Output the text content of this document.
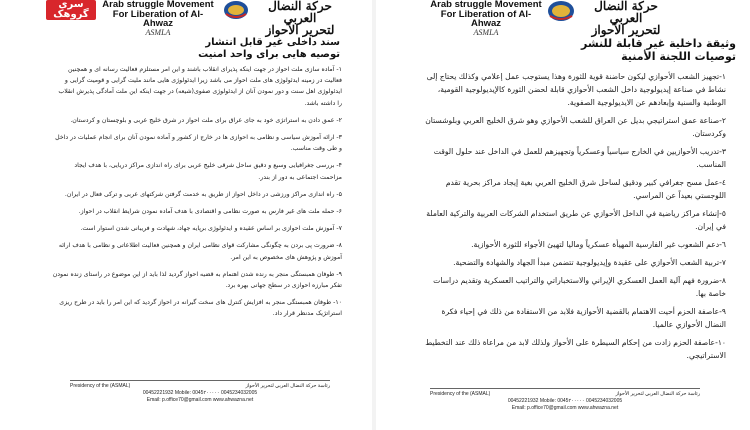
سری گروهک
Arab struggle Movement
For Liberation of Al-Ahwaz
ASMLA
حركة النضال العربي
لتحرير الأحواز
سند داخلی غیر قابل انتشار
توصیه هایی برای واحد امنیت

۱- آماده سازی ملت احواز در جهت اینکه پذیرای انقلاب باشند و این امر مستلزم فعالیت رسانه ای و همچنین فعالیت در زمینه ایدئولوژی های ملت احواز می باشد زیرا ایدئولوژی هایی مانند ملیت گرایی و قومیت گرایی و ایدئولوژی اهل سنت و دور نمودن آنان از ایدئولوژی صفوی(شیعه) در جهت اینکه این ملت آمادگی پذیرش انقلاب را داشته باشد.

۲- عمق دادن به استراتژی خود به جای عراق برای ملت احواز در شرق خلیج عربی و بلوچستان و کردستان.

۳- ارائه آموزش سیاسی و نظامی به احوازی ها در خارج از کشور و آماده نمودن آنان برای انجام عملیات در داخل و طی وقت مناسب.

۴- بررسی جغرافیایی وسیع و دقیق ساحل شرقی خلیج عربی برای راه اندازی مراکز دریایی، با هدف ایجاد مزاحمت اجتماعی به دور از بندر.

۵- راه اندازی مراکز ورزشی در داخل احواز از طریق به خدمت گرفتن شرکتهای عربی و ترکی فعال در ایران.

۶- حمله ملت های غیر فارس به صورت نظامی و اقتصادی با هدف آماده نمودن شرایط انقلاب در احواز.

۷- آموزش ملت احوازی بر اساس عقیده و ایدئولوژی برپایه جهاد، شهادت و فریبانی شدن استوار است.

۸- ضرورت پی بردن به چگونگی مشارکت قوای نظامی ایران و همچنین فعالیت اطلاعاتی و نظامی با هدف ارائه آموزش و پژوهش های مخصوص به این امر.

۹- طوفان همبستگی منجر به رنده شدن اهتمام به قضیه احواز گردید لذا باید از این موضوع در راستای زنده نمودن تفکر مبارزه احوازی در سطح جهانی بهره برد.

۱۰- طوفان همبستگی منجر به افزایش کنترل های سخت گیرانه در احواز گردید که این امر را باید در طرح ریزی استراتژیک مدنظر قرار داد.

Presidency of the (ASMAL)	رئاسة حركة النضال العربي لتحرير الأحواز
00452221932 Mobile: 0045٢٠٠٠٠٠ 0045234032005
Email: p.office70@gmail.com www.ahwazna.net
Arab struggle Movement
For Liberation of Al-Ahwaz
ASMLA
حركة النضال العربي
لتحرير الأحواز
وثيقة داخلية غير قابلة للنشر
توصيات اللجنة الأمنية

١-تجهيز الشعب الأحوازي ليكون حاضنة قوية للثورة وهذا يستوجب عمل إعلامي وكذلك يحتاج إلى نشاط في صناعة إيديولوجية داخل الشعب الأحوازي قابلة لحضن الثورة كالإيديولوجية القومية، الوطنية والسنية وإبعادهم عن الايديولوجية الصفوية.

٢-صناعة عمق استراتيجي بديل عن العراق للشعب الأحوازي وهو شرق الخليج العربي وبلوشستان وكردستان.

٣-تدريب الأحوازيين في الخارج سياسياً وعسكرياً وتجهيزهم للعمل في الداخل عند حلول الوقت المناسب.

٤-عمل مسح جغرافي كبير ودقيق لساحل شرق الخليج العربي بغية إيجاد مراكز بحرية تقدم اللوجستي بعيداً عن المراسي.

٥-إنشاء مراكز رياضية في الداخل الأحوازي عن طريق استخدام الشركات العربية والتركية العاملة في إيران.

٦-دعم الشعوب غير الفارسية المهيأة عسكرياً وماليا لتهيئ الأجواء للثورة الأحوازية.

٧-تربية الشعب الأحوازي على عقيدة وإيديولوجية تتضمن مبدأ الجهاد والشهادة والتضحية.

٨-ضرورة فهم آلية العمل العسكري الإيراني والاستخباراتي والتراتيب العسكرية وتقديم دراسات خاصة بها.

٩-عاصفة الحزم أحيت الاهتمام بالقضية الأحوازية فلابد من الاستفادة من ذلك في إحياء فكرة النضال الأحوازي عالميا.

١٠-عاصفة الحزم زادت من إحكام السيطرة على الأحواز ولذلك لابد من مراعاة ذلك عند التخطيط الاستراتيجي.

Presidency of the (ASMAL)	رئاسة حركة النضال العربي لتحرير الأحواز
00452221932 Mobile: 0045٢٠٠٠٠٠ 0045234032005
Email: p.office70@gmail.com www.ahwazna.net
